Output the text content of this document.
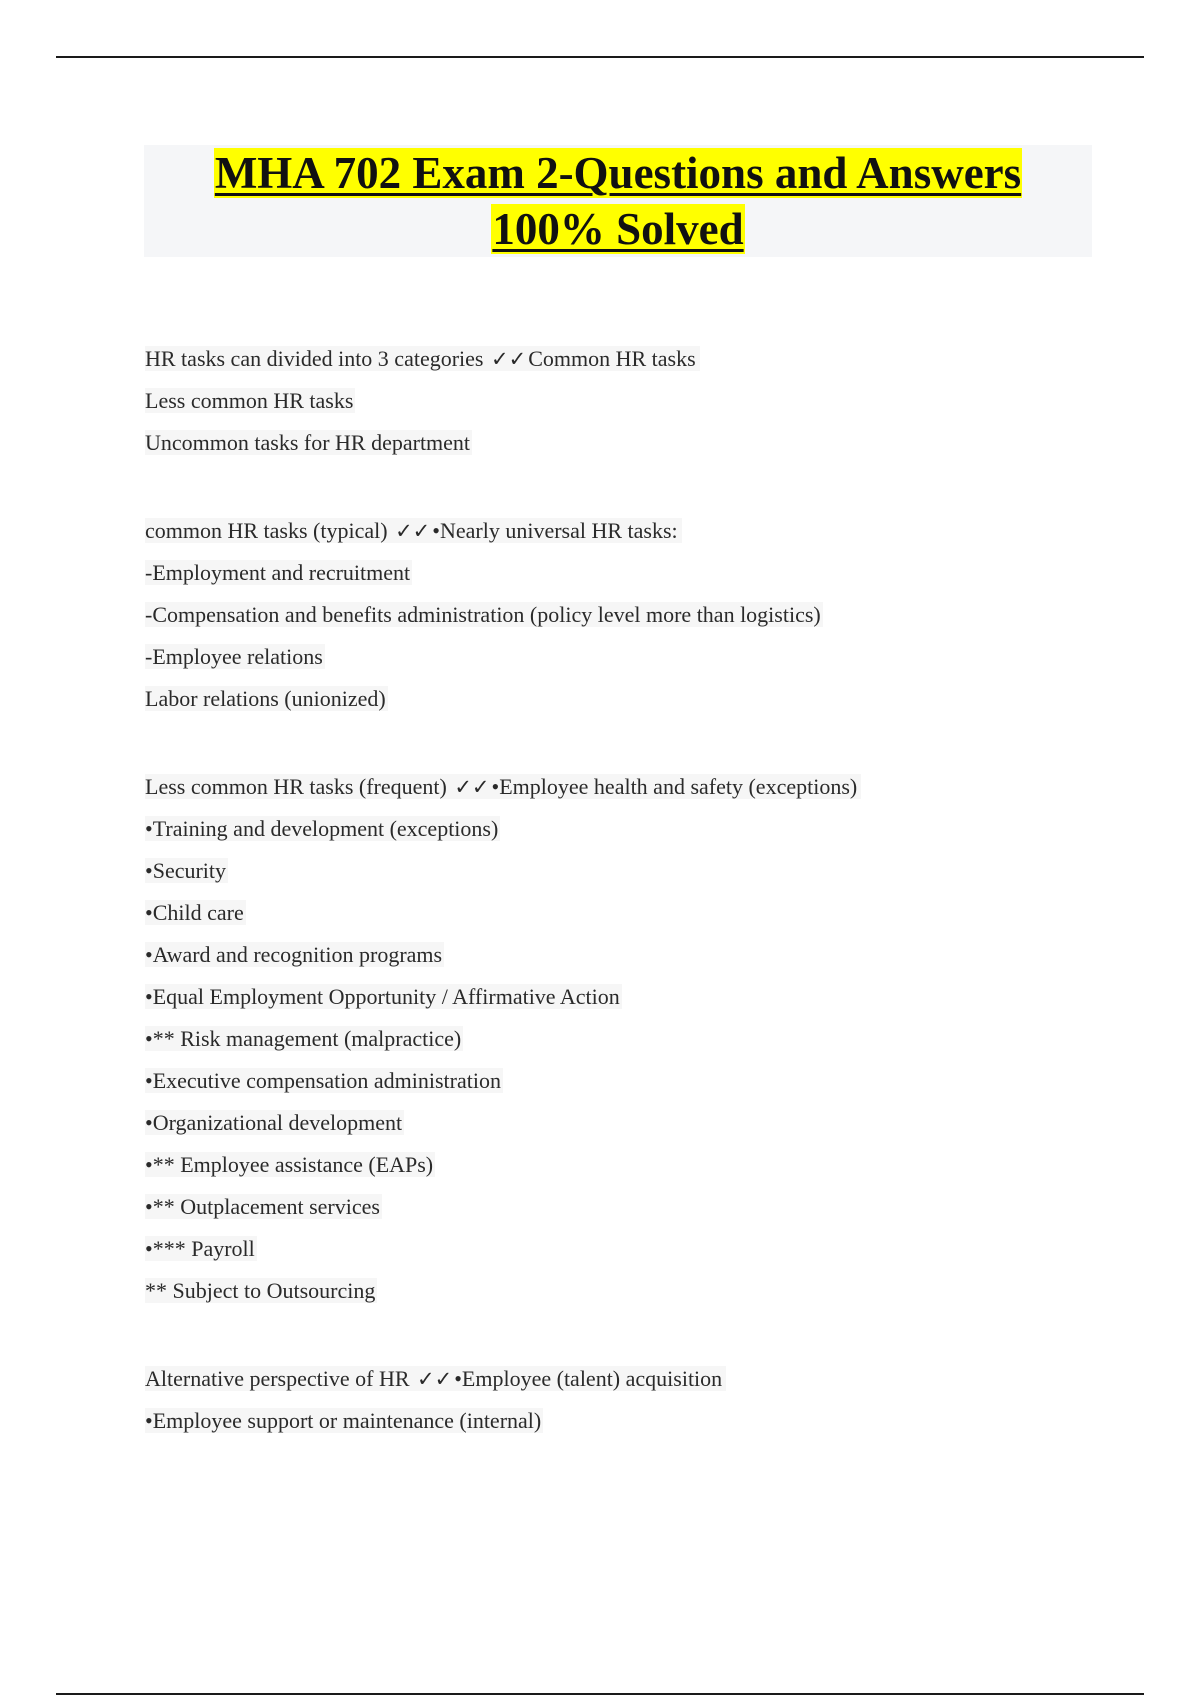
MHA 702 Exam 2-Questions and Answers
100% Solved
HR tasks can divided into 3 categories ✓✓Common HR tasks
Less common HR tasks
Uncommon tasks for HR department
common HR tasks (typical) ✓✓•Nearly universal HR tasks:
-Employment and recruitment
-Compensation and benefits administration (policy level more than logistics)
-Employee relations
Labor relations (unionized)
Less common HR tasks (frequent) ✓✓•Employee health and safety (exceptions)
•Training and development (exceptions)
•Security
•Child care
•Award and recognition programs
•Equal Employment Opportunity / Affirmative Action
•** Risk management (malpractice)
•Executive compensation administration
•Organizational development
•** Employee assistance (EAPs)
•** Outplacement services
•*** Payroll
** Subject to Outsourcing
Alternative perspective of HR ✓✓•Employee (talent) acquisition
•Employee support or maintenance (internal)
